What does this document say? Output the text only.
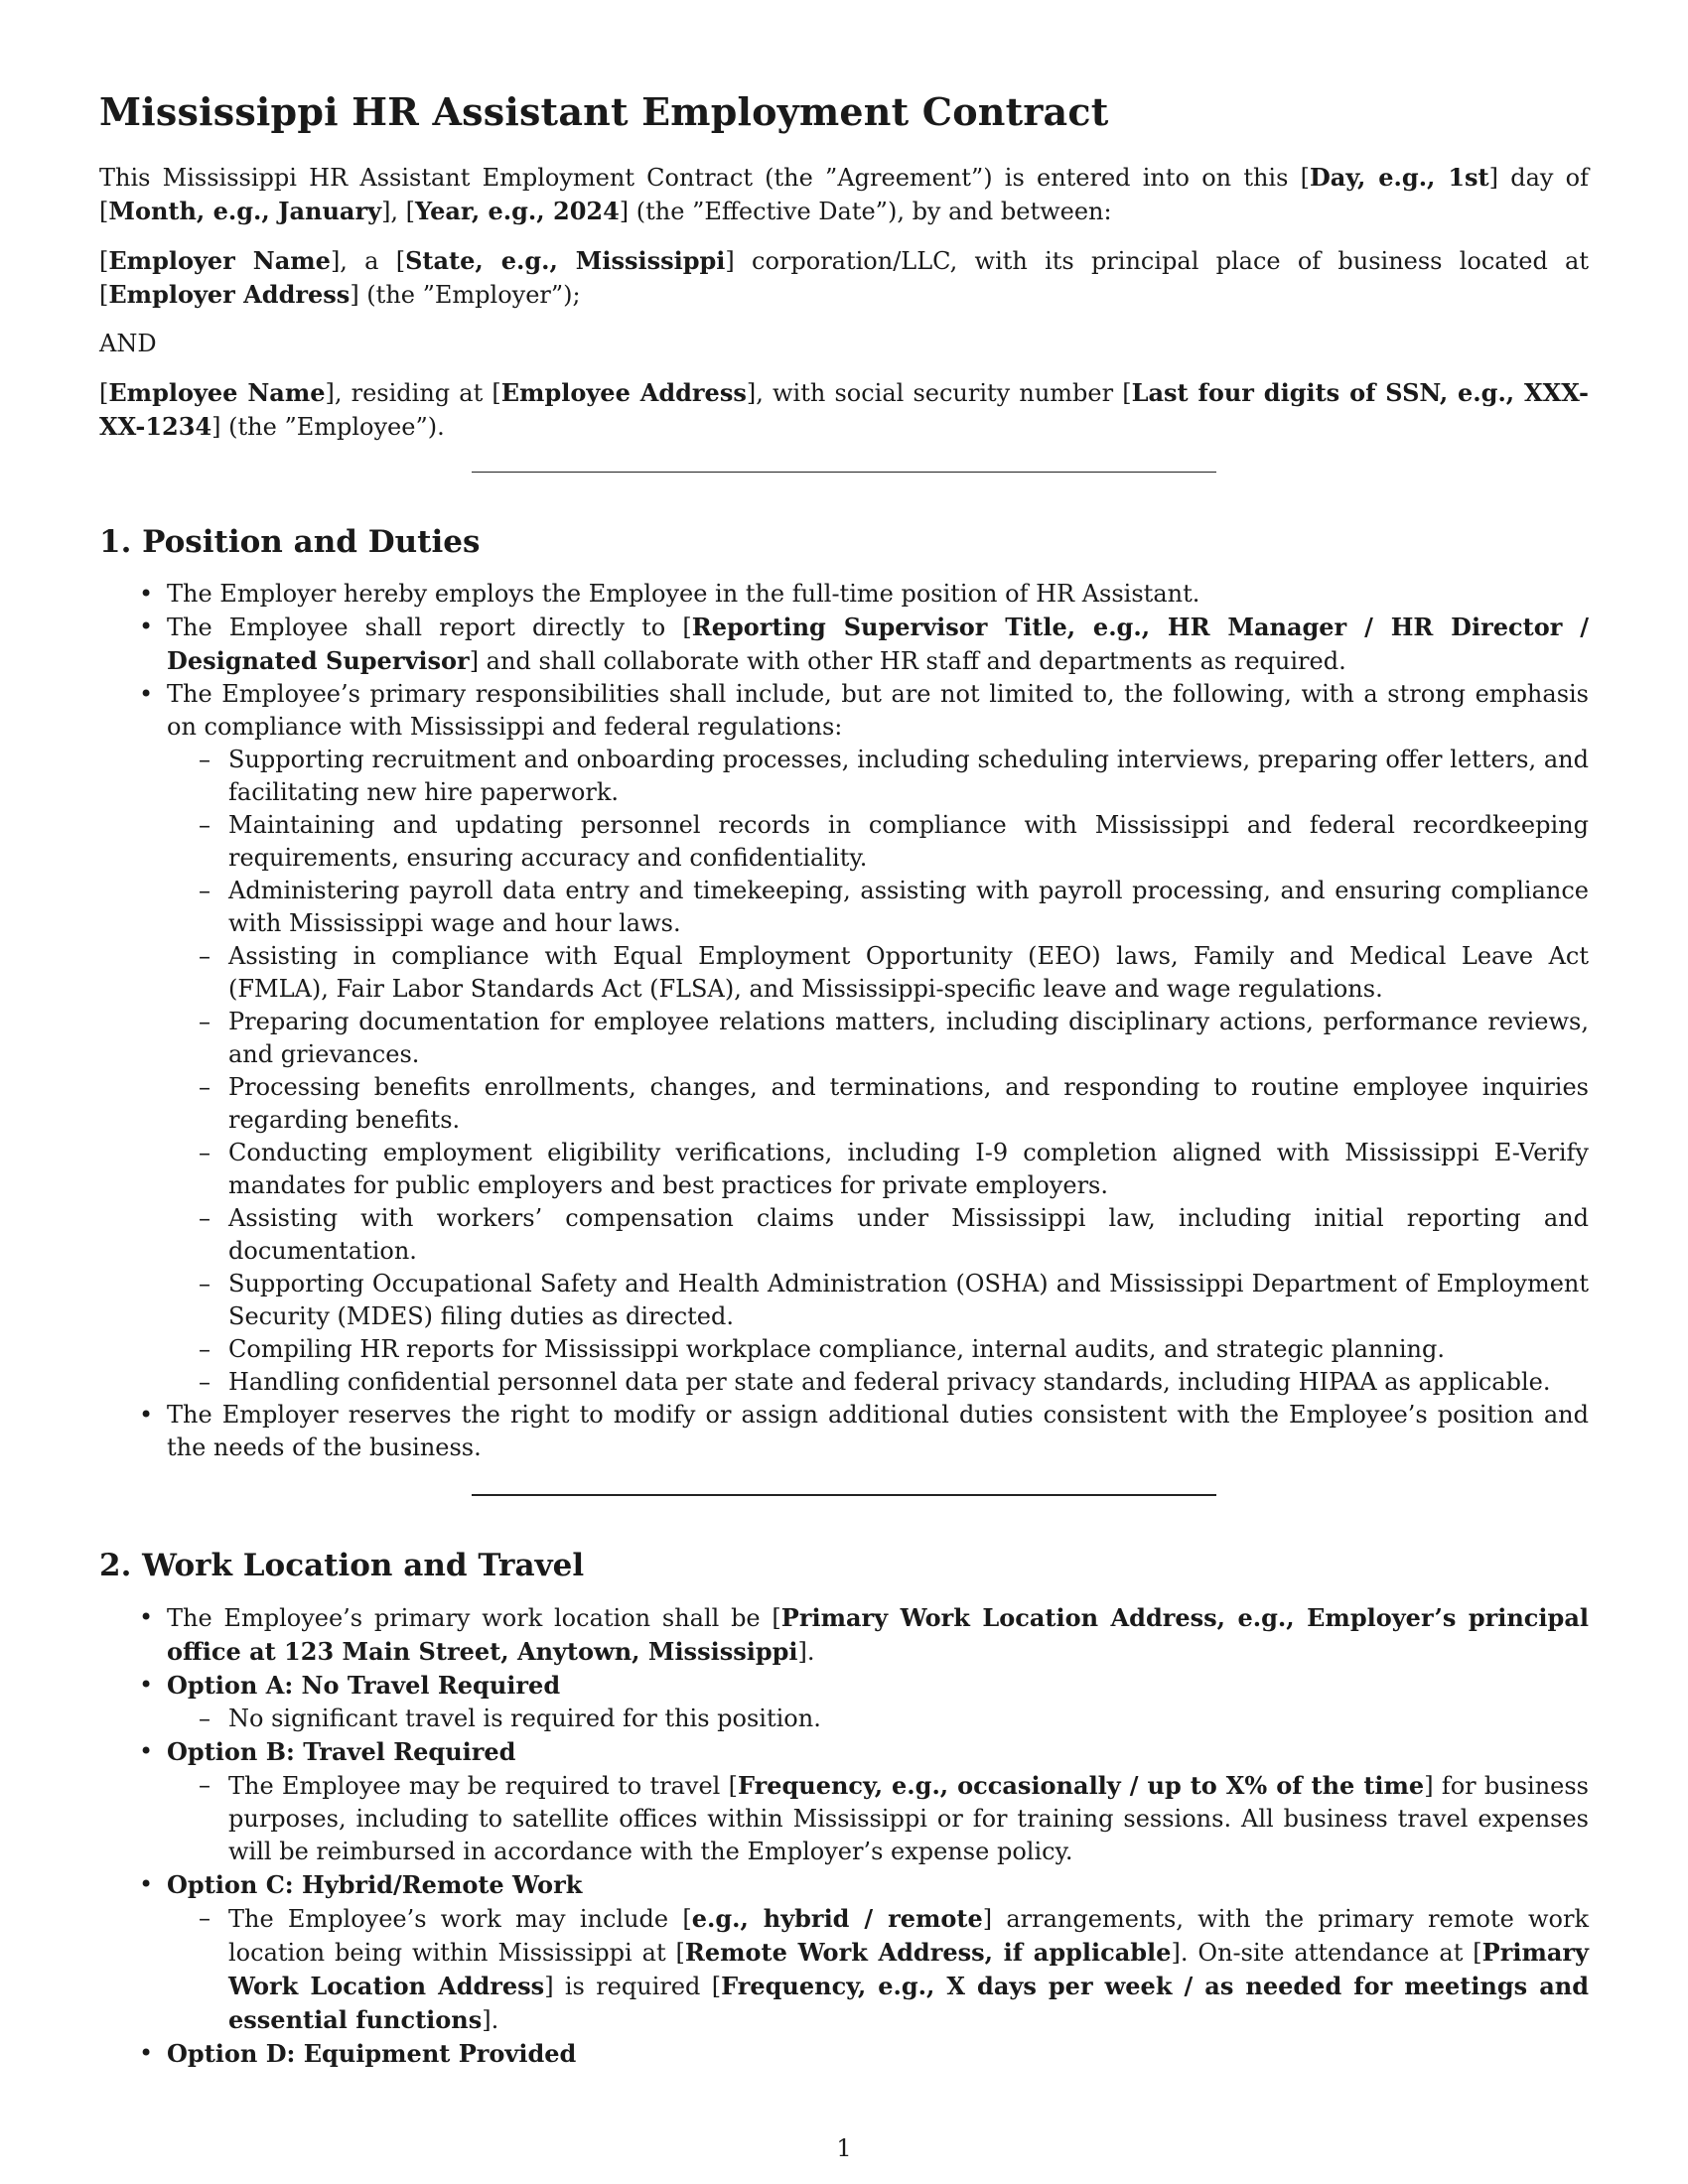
Mississippi HR Assistant Employment Contract

This Mississippi HR Assistant Employment Contract (the ”Agreement”) is entered into on this [Day, e.g., 1st] day of [Month, e.g., January], [Year, e.g., 2024] (the ”Effective Date”), by and between:

[Employer Name], a [State, e.g., Mississippi] corporation/LLC, with its principal place of business located at [Employer Address] (the ”Employer”);

AND

[Employee Name], residing at [Employee Address], with social security number [Last four digits of SSN, e.g., XXX-XX-1234] (the ”Employee”).

1. Position and Duties
• The Employer hereby employs the Employee in the full-time position of HR Assistant.
• The Employee shall report directly to [Reporting Supervisor Title, e.g., HR Manager / HR Director / Designated Supervisor] and shall collaborate with other HR staff and departments as required.
• The Employee’s primary responsibilities shall include, but are not limited to, the following, with a strong emphasis on compliance with Mississippi and federal regulations:
– Supporting recruitment and onboarding processes, including scheduling interviews, preparing offer letters, and facilitating new hire paperwork.
– Maintaining and updating personnel records in compliance with Mississippi and federal recordkeeping requirements, ensuring accuracy and confidentiality.
– Administering payroll data entry and timekeeping, assisting with payroll processing, and ensuring compliance with Mississippi wage and hour laws.
– Assisting in compliance with Equal Employment Opportunity (EEO) laws, Family and Medical Leave Act (FMLA), Fair Labor Standards Act (FLSA), and Mississippi-specific leave and wage regulations.
– Preparing documentation for employee relations matters, including disciplinary actions, performance reviews, and grievances.
– Processing benefits enrollments, changes, and terminations, and responding to routine employee inquiries regarding benefits.
– Conducting employment eligibility verifications, including I-9 completion aligned with Mississippi E-Verify mandates for public employers and best practices for private employers.
– Assisting with workers’ compensation claims under Mississippi law, including initial reporting and documentation.
– Supporting Occupational Safety and Health Administration (OSHA) and Mississippi Department of Employment Security (MDES) filing duties as directed.
– Compiling HR reports for Mississippi workplace compliance, internal audits, and strategic planning.
– Handling confidential personnel data per state and federal privacy standards, including HIPAA as applicable.
• The Employer reserves the right to modify or assign additional duties consistent with the Employee’s position and the needs of the business.
2. Work Location and Travel
• The Employee’s primary work location shall be [Primary Work Location Address, e.g., Employer’s principal office at 123 Main Street, Anytown, Mississippi].
• Option A: No Travel Required
– No significant travel is required for this position.
• Option B: Travel Required
– The Employee may be required to travel [Frequency, e.g., occasionally / up to X% of the time] for business purposes, including to satellite offices within Mississippi or for training sessions. All business travel expenses will be reimbursed in accordance with the Employer’s expense policy.
• Option C: Hybrid/Remote Work
– The Employee’s work may include [e.g., hybrid / remote] arrangements, with the primary remote work location being within Mississippi at [Remote Work Address, if applicable]. On-site attendance at [Primary Work Location Address] is required [Frequency, e.g., X days per week / as needed for meetings and essential functions].
• Option D: Equipment Provided
1
